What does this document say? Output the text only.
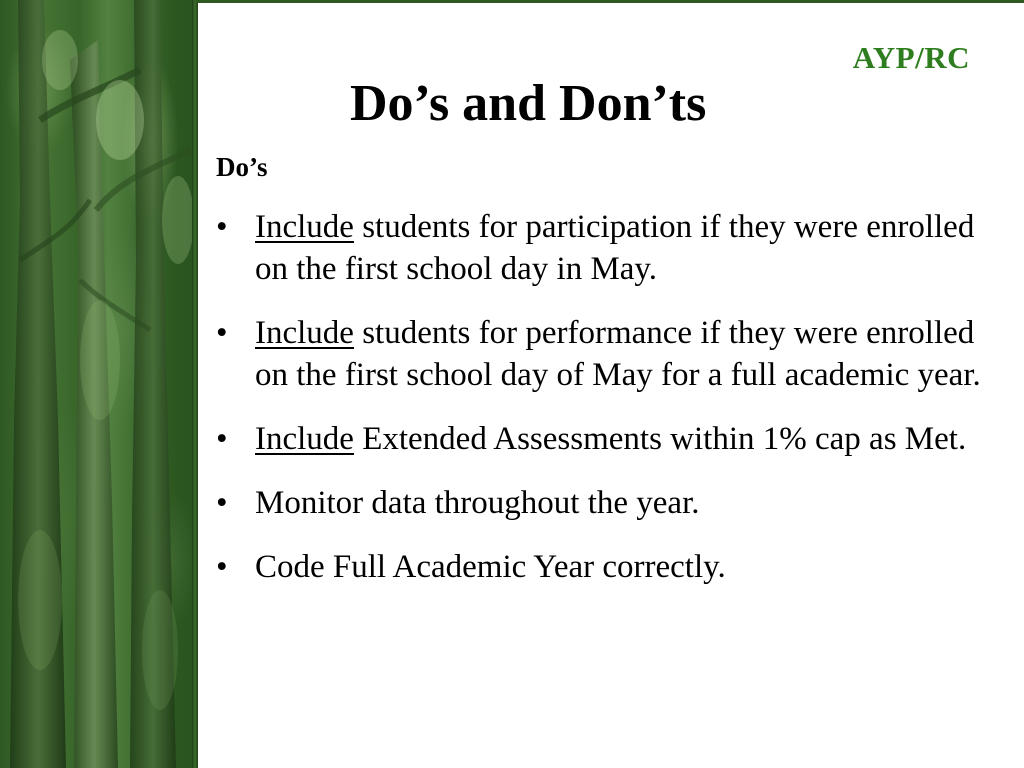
AYP/RC
Do’s and Don’ts
Do’s
• Include students for participation if they were enrolled on the first school day in May.
• Include students for performance if they were enrolled on the first school day of May for a full academic year.
• Include Extended Assessments within 1% cap as Met.
• Monitor data throughout the year.
• Code Full Academic Year correctly.
